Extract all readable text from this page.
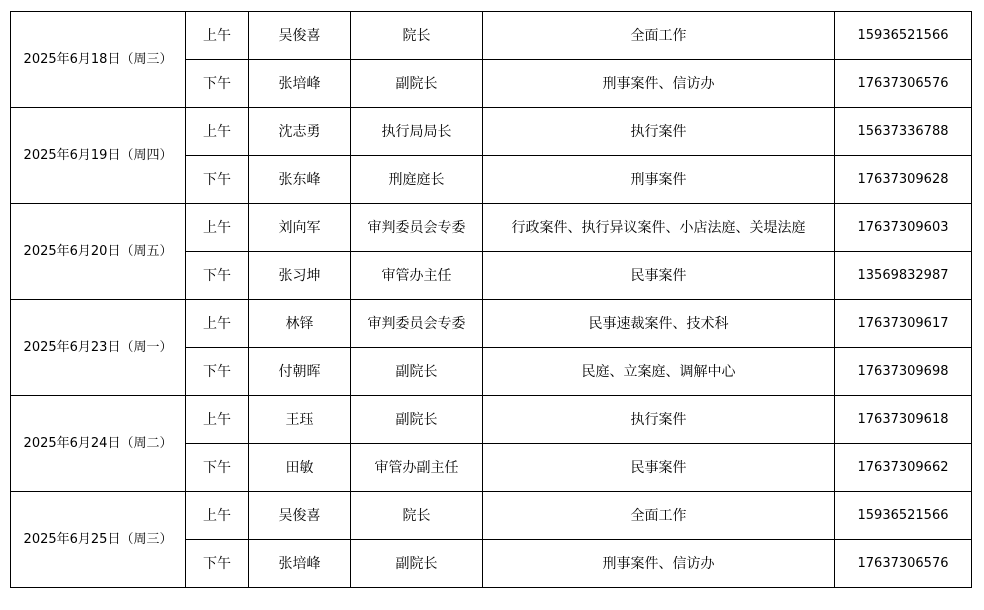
2025年6月18日（周三）	上午	吴俊喜	院长	全面工作	15936521566
	下午	张培峰	副院长	刑事案件、信访办	17637306576
2025年6月19日（周四）	上午	沈志勇	执行局局长	执行案件	15637336788
	下午	张东峰	刑庭庭长	刑事案件	17637309628
2025年6月20日（周五）	上午	刘向军	审判委员会专委	行政案件、执行异议案件、小店法庭、关堤法庭	17637309603
	下午	张习坤	审管办主任	民事案件	13569832987
2025年6月23日（周一）	上午	林铎	审判委员会专委	民事速裁案件、技术科	17637309617
	下午	付朝晖	副院长	民庭、立案庭、调解中心	17637309698
2025年6月24日（周二）	上午	王珏	副院长	执行案件	17637309618
	下午	田敏	审管办副主任	民事案件	17637309662
2025年6月25日（周三）	上午	吴俊喜	院长	全面工作	15936521566
	下午	张培峰	副院长	刑事案件、信访办	17637306576
